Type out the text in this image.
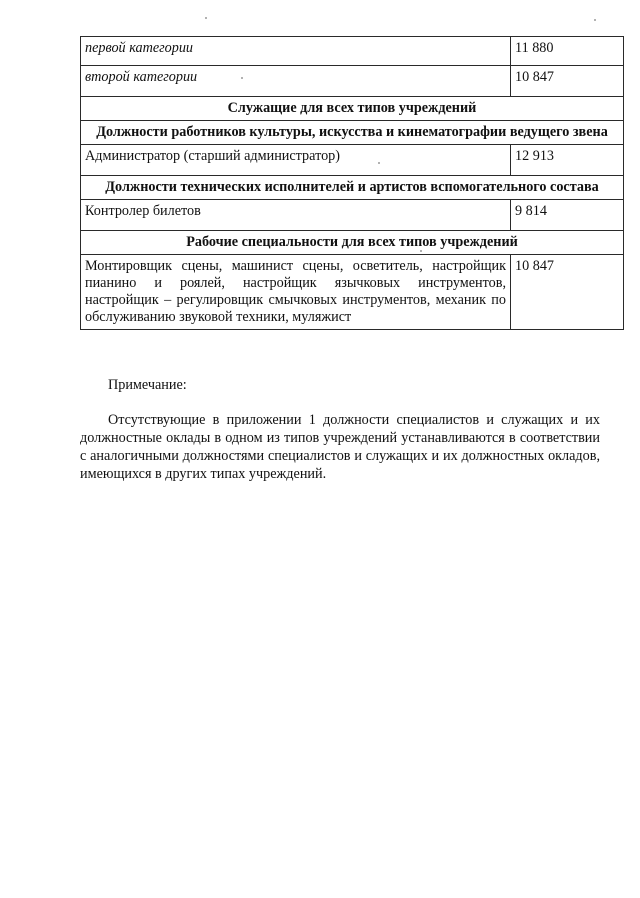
первой категории	11 880
второй категории	10 847
Служащие для всех типов учреждений	
Должности работников культуры, искусства и кинематографии ведущего звена	
Администратор (старший администратор)	12 913
Должности технических исполнителей и артистов вспомогательного состава	
Контролер билетов	9 814
Рабочие специальности для всех типов учреждений	
Монтировщик сцены, машинист сцены, осветитель, настройщик пианино и роялей, настройщик язычковых инструментов, настройщик – регулировщик смычковых инструментов, механик по обслуживанию звуковой техники, муляжист	10 847
Примечание:
Отсутствующие в приложении 1 должности специалистов и служащих и их должностные оклады в одном из типов учреждений устанавливаются в соответствии с аналогичными должностями специалистов и служащих и их должностных окладов, имеющихся в других типах учреждений.
